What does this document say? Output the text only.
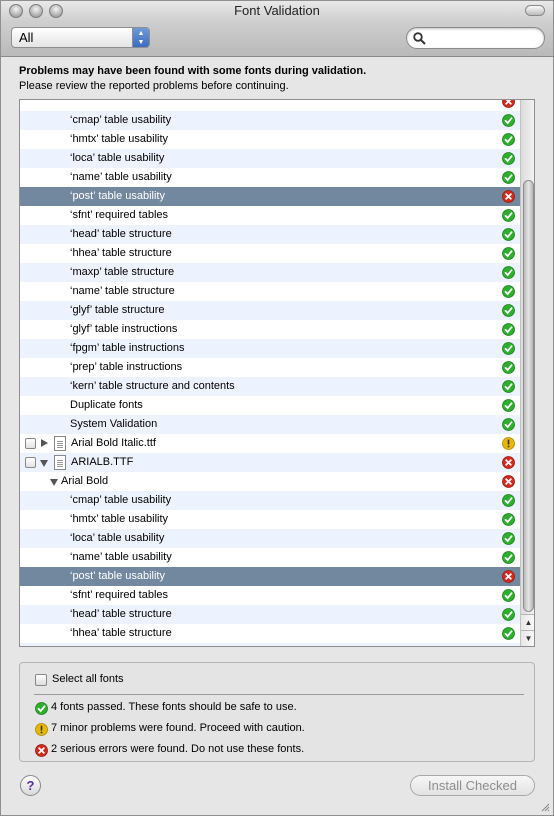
Font Validation
All	▲
▼
Problems may have been found with some fonts during validation.
Please review the reported problems before continuing.
‘cmap’ table usability
‘hmtx’ table usability
‘loca’ table usability
‘name’ table usability
‘post’ table usability
‘sfnt’ required tables
‘head’ table structure
‘hhea’ table structure
‘maxp’ table structure
‘name’ table structure
‘glyf’ table structure
‘glyf’ table instructions
‘fpgm’ table instructions
‘prep’ table instructions
‘kern’ table structure and contents
Duplicate fonts
System Validation
Arial Bold Italic.ttf
ARIALB.TTF
Arial Bold
‘cmap’ table usability
‘hmtx’ table usability
‘loca’ table usability
‘name’ table usability
‘post’ table usability
‘sfnt’ required tables
‘head’ table structure
‘hhea’ table structure
▲
▼
Select all fonts
4 fonts passed. These fonts should be safe to use.
7 minor problems were found. Proceed with caution.
2 serious errors were found. Do not use these fonts.
?	Install Checked
